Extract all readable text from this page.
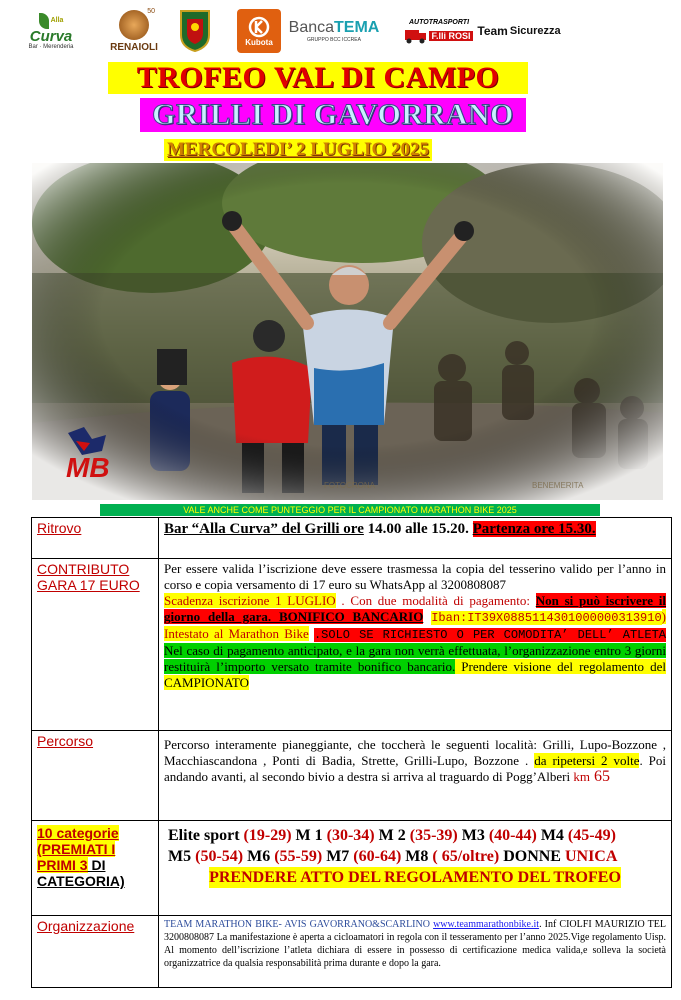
Alla
Curva
Bar · Merenderia
50
RENAIOLI	Kubota
BancaTEMA
GRUPPO BCC ICCREA
AUTOTRASPORTI
F.lli ROSI Team Sicurezza
TROFEO VAL DI CAMPO
GRILLI DI GAVORRANO
MERCOLEDI’ 2 LUGLIO 2025
MB
FOTOCRONA	BENEMERITA
VALE ANCHE COME PUNTEGGIO PER IL CAMPIONATO MARATHON BIKE 2025
Ritrovo	Bar “Alla Curva” del Grilli ore 14.00 alle 15.20. Partenza ore 15.30.
CONTRIBUTO GARA 17 EURO	Per essere valida l’iscrizione deve essere trasmessa la copia del tesserino valido per l’anno in corso e copia versamento di 17 euro su WhatsApp al 3200808087
Scadenza iscrizione 1 LUGLIO . Con due modalità di pagamento: Non si può iscrivere il giorno della gara. BONIFICO BANCARIO Iban:IT39X0885114301000000313910) Intestato al Marathon Bike .SOLO SE RICHIESTO O PER COMODITA’ DELL’ ATLETA Nel caso di pagamento anticipato, e la gara non verrà effettuata, l’organizzazione entro 3 giorni restituirà l’importo versato tramite bonifico bancario. Prendere visione del regolamento del CAMPIONATO
Percorso	Percorso interamente pianeggiante, che toccherà le seguenti località: Grilli, Lupo-Bozzone , Macchiascandona , Ponti di Badia, Strette, Grilli-Lupo, Bozzone . da ripetersi 2 volte. Poi andando avanti, al secondo bivio a destra si arriva al traguardo di Pogg’Alberi km 65
10 categorie (PREMIATI I PRIMI 3 DI CATEGORIA)	Elite sport (19-29) M 1 (30-34) M 2 (35-39) M3 (40-44) M4 (45-49)
M5 (50-54) M6 (55-59) M7 (60-64) M8 ( 65/oltre) DONNE UNICA
PRENDERE ATTO DEL REGOLAMENTO DEL TROFEO
Organizzazione	TEAM MARATHON BIKE- AVIS GAVORRANO&SCARLINO www.teammarathonbike.it. Inf CIOLFI MAURIZIO TEL 3200808087 La manifestazione è aperta a cicloamatori in regola con il tesseramento per l’anno 2025.Vige regolamento Uisp. Al momento dell’iscrizione l’atleta dichiara di essere in possesso di certificazione medica valida,e solleva la società organizzatrice da qualsia responsabilità prima durante e dopo la gara.
